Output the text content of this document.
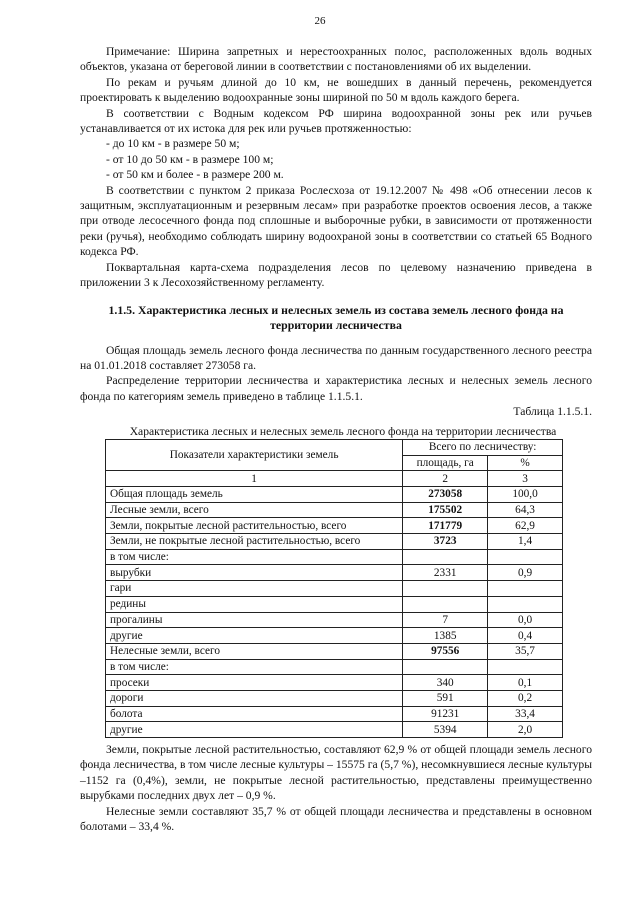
26

Примечание: Ширина запретных и нерестоохранных полос, расположенных вдоль водных объектов, указана от береговой линии в соответствии с постановлениями об их выделении.

По рекам и ручьям длиной до 10 км, не вошедших в данный перечень, рекомендуется проектировать к выделению водоохранные зоны шириной по 50 м вдоль каждого берега.

В соответствии с Водным кодексом РФ ширина водоохранной зоны рек или ручьев устанавливается от их истока для рек или ручьев протяженностью:

- до 10 км - в размере 50 м;

- от 10 до 50 км - в размере 100 м;

- от 50 км и более - в размере 200 м.

В соответствии с пунктом 2 приказа Рослесхоза от 19.12.2007 № 498 «Об отнесении лесов к защитным, эксплуатационным и резервным лесам» при разработке проектов освоения лесов, а также при отводе лесосечного фонда под сплошные и выборочные рубки, в зависимости от протяженности реки (ручья), необходимо соблюдать ширину водоохраной зоны в соответствии со статьей 65 Водного кодекса РФ.

Поквартальная карта-схема подразделения лесов по целевому назначению приведена в приложении 3 к Лесохозяйственному регламенту.

1.1.5. Характеристика лесных и нелесных земель из состава земель лесного фонда на территории лесничества

Общая площадь земель лесного фонда лесничества по данным государственного лесного реестра на 01.01.2018 составляет 273058 га.

Распределение территории лесничества и характеристика лесных и нелесных земель лесного фонда по категориям земель приведено в таблице 1.1.5.1.

Таблица 1.1.5.1.

Характеристика лесных и нелесных земель лесного фонда на территории лесничества

Показатели характеристики земель	Всего по лесничеству:	
	площадь, га	%
1	2	3
Общая площадь земель	273058	100,0
Лесные земли, всего	175502	64,3
Земли, покрытые лесной растительностью, всего	171779	62,9
Земли, не покрытые лесной растительностью, всего	3723	1,4
в том числе:		
вырубки	2331	0,9
гари		
редины		
прогалины	7	0,0
другие	1385	0,4
Нелесные земли, всего	97556	35,7
в том числе:		
просеки	340	0,1
дороги	591	0,2
болота	91231	33,4
другие	5394	2,0

Земли, покрытые лесной растительностью, составляют 62,9 % от общей площади земель лесного фонда лесничества, в том числе лесные культуры – 15575 га (5,7 %), несомкнувшиеся лесные культуры –1152 га (0,4%), земли, не покрытые лесной растительностью, представлены преимущественно вырубками последних двух лет – 0,9 %.

Нелесные земли составляют 35,7 % от общей площади лесничества и представлены в основном болотами – 33,4 %.
